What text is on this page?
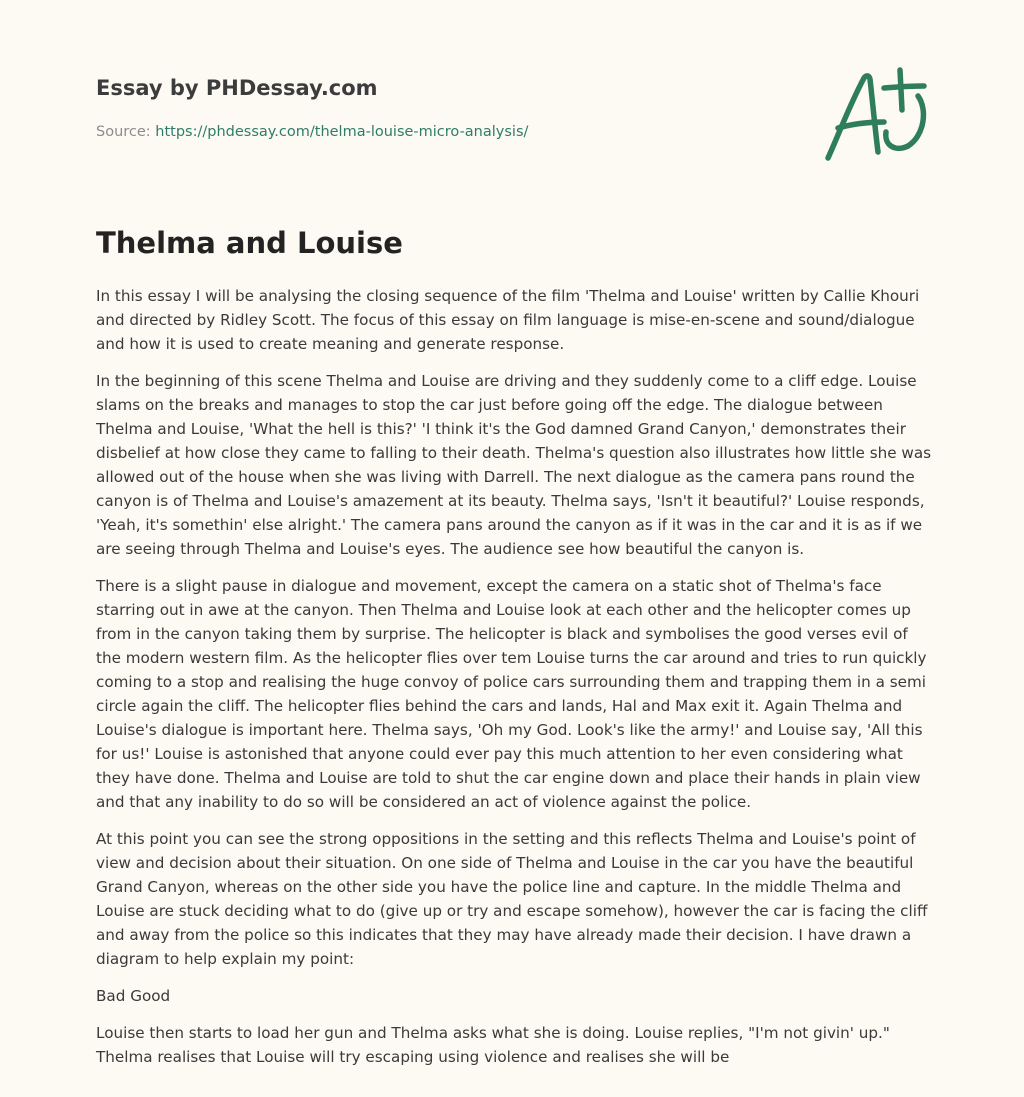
Essay by PHDessay.com
Source: https://phdessay.com/thelma-louise-micro-analysis/
Thelma and Louise

In this essay I will be analysing the closing sequence of the film 'Thelma and Louise' written by Callie Khouri and directed by Ridley Scott. The focus of this essay on film language is mise-en-scene and sound/dialogue and how it is used to create meaning and generate response.

In the beginning of this scene Thelma and Louise are driving and they suddenly come to a cliff edge. Louise slams on the breaks and manages to stop the car just before going off the edge. The dialogue between Thelma and Louise, 'What the hell is this?' 'I think it's the God damned Grand Canyon,' demonstrates their disbelief at how close they came to falling to their death. Thelma's question also illustrates how little she was allowed out of the house when she was living with Darrell. The next dialogue as the camera pans round the canyon is of Thelma and Louise's amazement at its beauty. Thelma says, 'Isn't it beautiful?' Louise responds, 'Yeah, it's somethin' else alright.' The camera pans around the canyon as if it was in the car and it is as if we are seeing through Thelma and Louise's eyes. The audience see how beautiful the canyon is.

There is a slight pause in dialogue and movement, except the camera on a static shot of Thelma's face starring out in awe at the canyon. Then Thelma and Louise look at each other and the helicopter comes up from in the canyon taking them by surprise. The helicopter is black and symbolises the good verses evil of the modern western film. As the helicopter flies over tem Louise turns the car around and tries to run quickly coming to a stop and realising the huge convoy of police cars surrounding them and trapping them in a semi circle again the cliff. The helicopter flies behind the cars and lands, Hal and Max exit it. Again Thelma and Louise's dialogue is important here. Thelma says, 'Oh my God. Look's like the army!' and Louise say, 'All this for us!' Louise is astonished that anyone could ever pay this much attention to her even considering what they have done. Thelma and Louise are told to shut the car engine down and place their hands in plain view and that any inability to do so will be considered an act of violence against the police.

At this point you can see the strong oppositions in the setting and this reflects Thelma and Louise's point of view and decision about their situation. On one side of Thelma and Louise in the car you have the beautiful Grand Canyon, whereas on the other side you have the police line and capture. In the middle Thelma and Louise are stuck deciding what to do (give up or try and escape somehow), however the car is facing the cliff and away from the police so this indicates that they may have already made their decision. I have drawn a diagram to help explain my point:

Bad Good

Louise then starts to load her gun and Thelma asks what she is doing. Louise replies, "I'm not givin' up." Thelma realises that Louise will try escaping using violence and realises she will be
